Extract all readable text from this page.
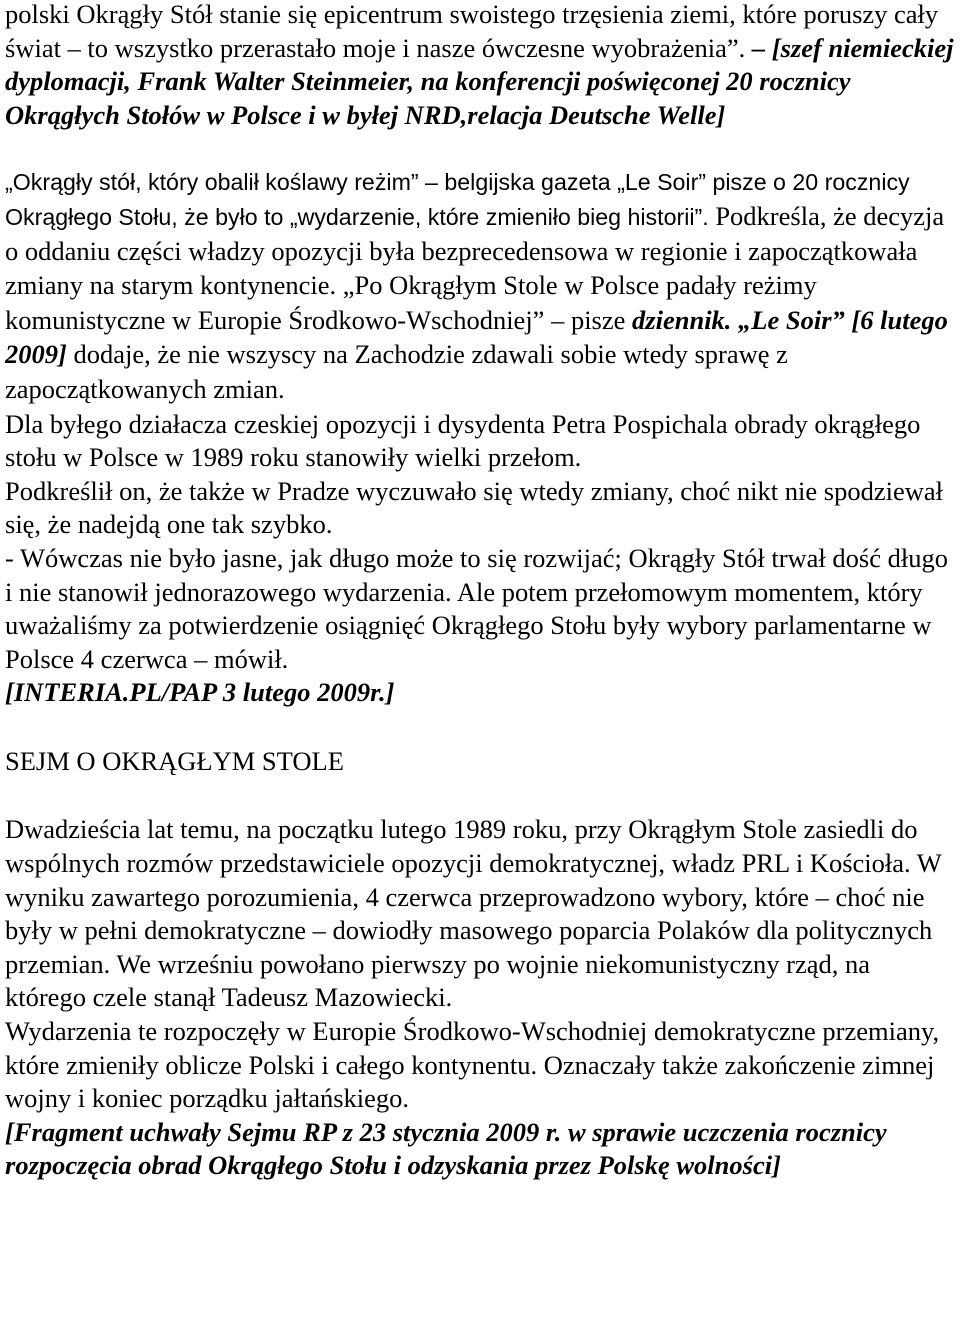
polski Okrągły Stół stanie się epicentrum swoistego trzęsienia ziemi, które poruszy cały świat – to wszystko przerastało moje i nasze ówczesne wyobrażenia”. – [szef niemieckiej dyplomacji, Frank Walter Steinmeier, na konferencji poświęconej 20 rocznicy Okrągłych Stołów w Polsce i w byłej NRD,relacja Deutsche Welle]

„Okrągły stół, który obalił koślawy reżim” – belgijska gazeta „Le Soir” pisze o 20 rocznicy Okrągłego Stołu, że było to „wydarzenie, które zmieniło bieg historii”. Podkreśla, że decyzja o oddaniu części władzy opozycji była bezprecedensowa w regionie i zapoczątkowała zmiany na starym kontynencie. „Po Okrągłym Stole w Polsce padały reżimy komunistyczne w Europie Środkowo-Wschodniej” – pisze dziennik. „Le Soir” [6 lutego 2009] dodaje, że nie wszyscy na Zachodzie zdawali sobie wtedy sprawę z zapoczątkowanych zmian.

Dla byłego działacza czeskiej opozycji i dysydenta Petra Pospichala obrady okrągłego stołu w Polsce w 1989 roku stanowiły wielki przełom.

Podkreślił on, że także w Pradze wyczuwało się wtedy zmiany, choć nikt nie spodziewał się, że nadejdą one tak szybko.

- Wówczas nie było jasne, jak długo może to się rozwijać; Okrągły Stół trwał dość długo i nie stanowił jednorazowego wydarzenia. Ale potem przełomowym momentem, który uważaliśmy za potwierdzenie osiągnięć Okrągłego Stołu były wybory parlamentarne w Polsce 4 czerwca – mówił.

[INTERIA.PL/PAP 3 lutego 2009r.]

SEJM O OKRĄGŁYM STOLE

Dwadzieścia lat temu, na początku lutego 1989 roku, przy Okrągłym Stole zasiedli do wspólnych rozmów przedstawiciele opozycji demokratycznej, władz PRL i Kościoła. W wyniku zawartego porozumienia, 4 czerwca przeprowadzono wybory, które – choć nie były w pełni demokratyczne – dowiodły masowego poparcia Polaków dla politycznych przemian. We wrześniu powołano pierwszy po wojnie niekomunistyczny rząd, na którego czele stanął Tadeusz Mazowiecki.

Wydarzenia te rozpoczęły w Europie Środkowo-Wschodniej demokratyczne przemiany, które zmieniły oblicze Polski i całego kontynentu. Oznaczały także zakończenie zimnej wojny i koniec porządku jałtańskiego.

[Fragment uchwały Sejmu RP z 23 stycznia 2009 r. w sprawie uczczenia rocznicy rozpoczęcia obrad Okrągłego Stołu i odzyskania przez Polskę wolności]
